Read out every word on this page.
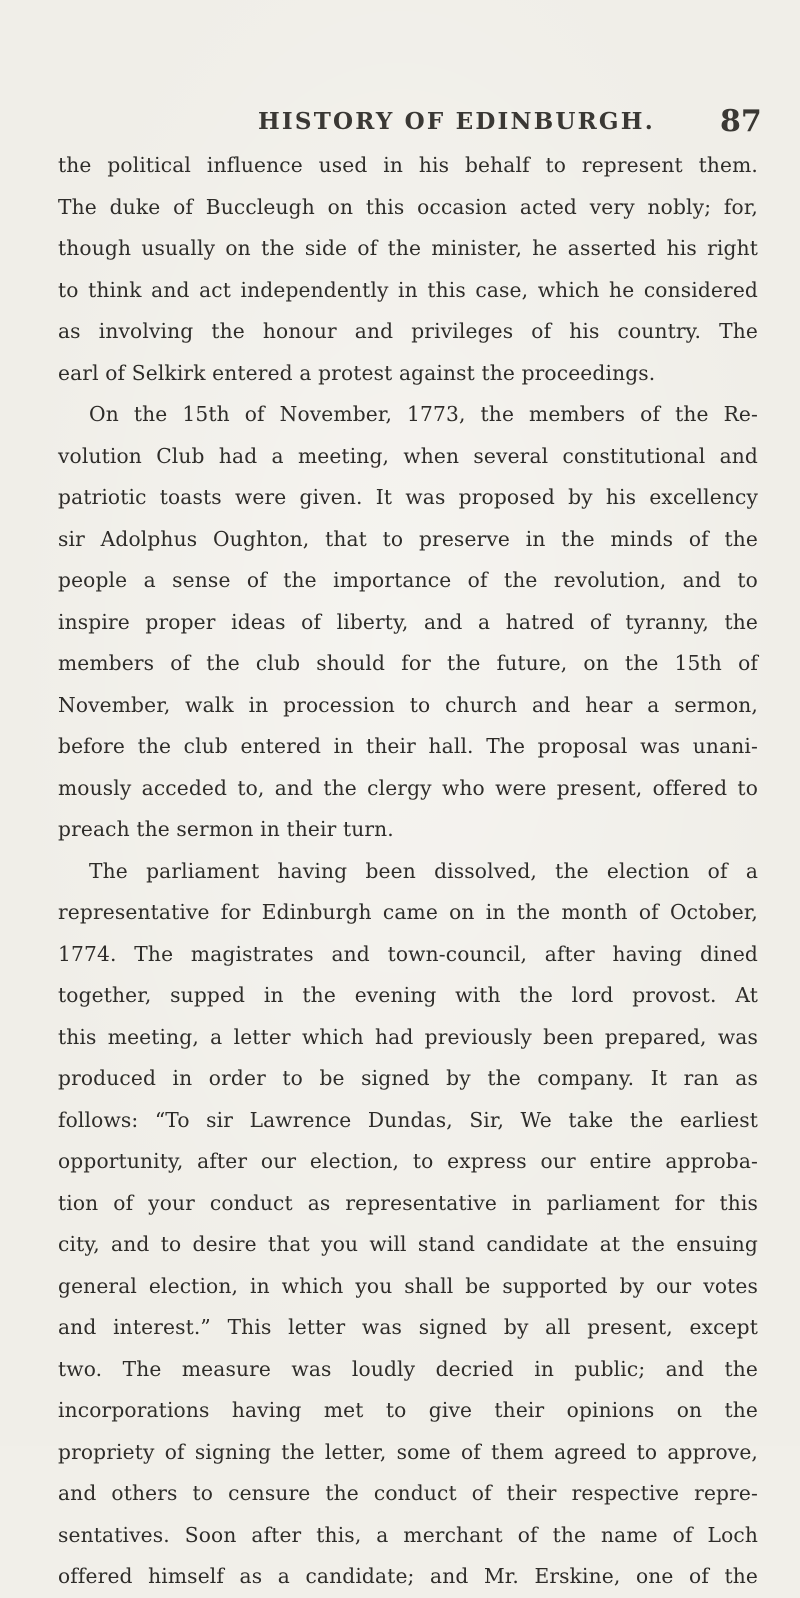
HISTORY OF EDINBURGH. 87
the political influence used in his behalf to represent them.
The duke of Buccleugh on this occasion acted very nobly; for,
though usually on the side of the minister, he asserted his right
to think and act independently in this case, which he considered
as involving the honour and privileges of his country. The
earl of Selkirk entered a protest against the proceedings.
On the 15th of November, 1773, the members of the Re-
volution Club had a meeting, when several constitutional and
patriotic toasts were given. It was proposed by his excellency
sir Adolphus Oughton, that to preserve in the minds of the
people a sense of the importance of the revolution, and to
inspire proper ideas of liberty, and a hatred of tyranny, the
members of the club should for the future, on the 15th of
November, walk in procession to church and hear a sermon,
before the club entered in their hall. The proposal was unani-
mously acceded to, and the clergy who were present, offered to
preach the sermon in their turn.
The parliament having been dissolved, the election of a
representative for Edinburgh came on in the month of October,
1774. The magistrates and town-council, after having dined
together, supped in the evening with the lord provost. At
this meeting, a letter which had previously been prepared, was
produced in order to be signed by the company. It ran as
follows: “To sir Lawrence Dundas, Sir, We take the earliest
opportunity, after our election, to express our entire approba-
tion of your conduct as representative in parliament for this
city, and to desire that you will stand candidate at the ensuing
general election, in which you shall be supported by our votes
and interest.” This letter was signed by all present, except
two. The measure was loudly decried in public; and the
incorporations having met to give their opinions on the
propriety of signing the letter, some of them agreed to approve,
and others to censure the conduct of their respective repre-
sentatives. Soon after this, a merchant of the name of Loch
offered himself as a candidate; and Mr. Erskine, one of the
